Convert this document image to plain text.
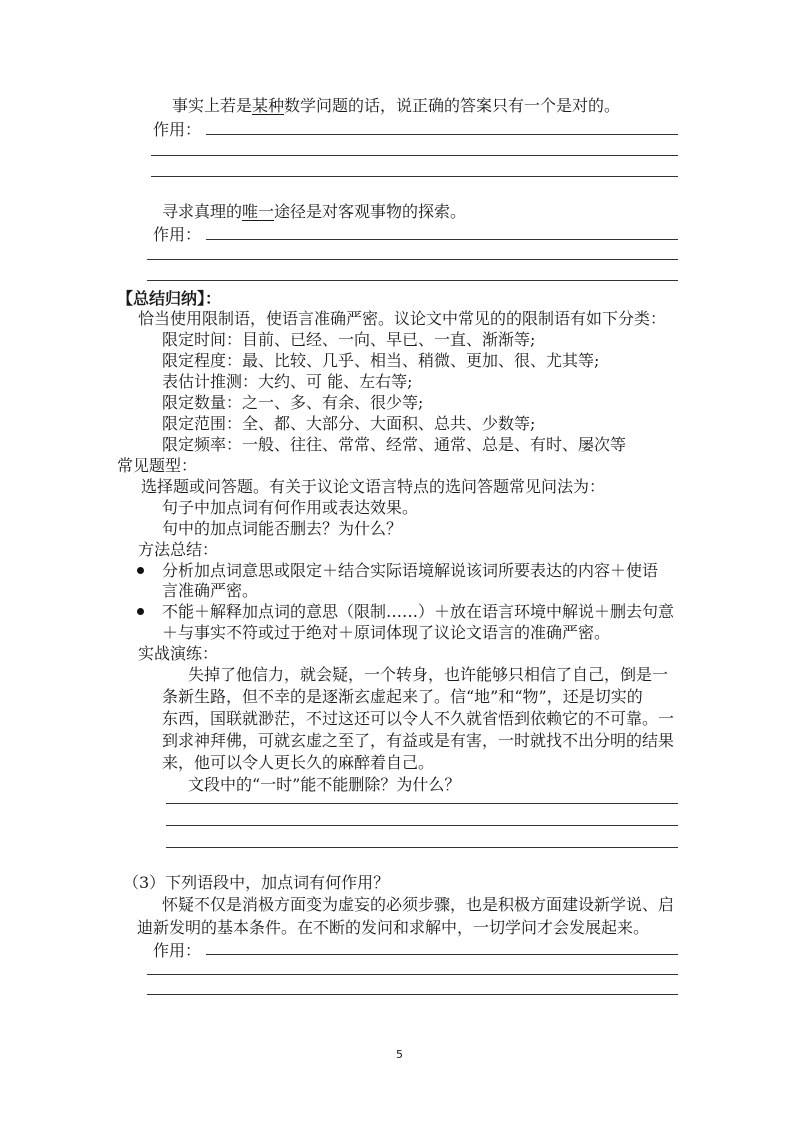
事实上若是某种数学问题的话，说正确的答案只有一个是对的。
作用：
寻求真理的唯一途径是对客观事物的探索。
作用：
【总结归纳】：
恰当使用限制语，使语言准确严密。议论文中常见的的限制语有如下分类：
限定时间：目前、已经、一向、早已、一直、渐渐等;
限定程度：最、比较、几乎、相当、稍微、更加、很、尤其等;
表估计推测：大约、可 能、左右等;
限定数量：之一、多、有余、很少等;
限定范围：全、都、大部分、大面积、总共、少数等;
限定频率：一般、往往、常常、经常、通常、总是、有时、屡次等
常见题型：
选择题或问答题。有关于议论文语言特点的选问答题常见问法为：
句子中加点词有何作用或表达效果。
句中的加点词能否删去？为什么？
方法总结：
分析加点词意思或限定＋结合实际语境解说该词所要表达的内容＋使语
言准确严密。
不能＋解释加点词的意思（限制……）＋放在语言环境中解说＋删去句意
＋与事实不符或过于绝对＋原词体现了议论文语言的准确严密。
实战演练：
失掉了他信力，就会疑，一个转身，也许能够只相信了自己，倒是一
条新生路，但不幸的是逐渐玄虚起来了。信“地”和“物”，还是切实的
东西，国联就渺茫，不过这还可以令人不久就省悟到依赖它的不可靠。一
到求神拜佛，可就玄虚之至了，有益或是有害，一时就找不出分明的结果
来，他可以令人更长久的麻醉着自己。
文段中的“一时”能不能删除？为什么？
（3）下列语段中，加点词有何作用？
怀疑不仅是消极方面变为虚妄的必须步骤，也是积极方面建设新学说、启
迪新发明的基本条件。在不断的发问和求解中，一切学问才会发展起来。
作用：
5
